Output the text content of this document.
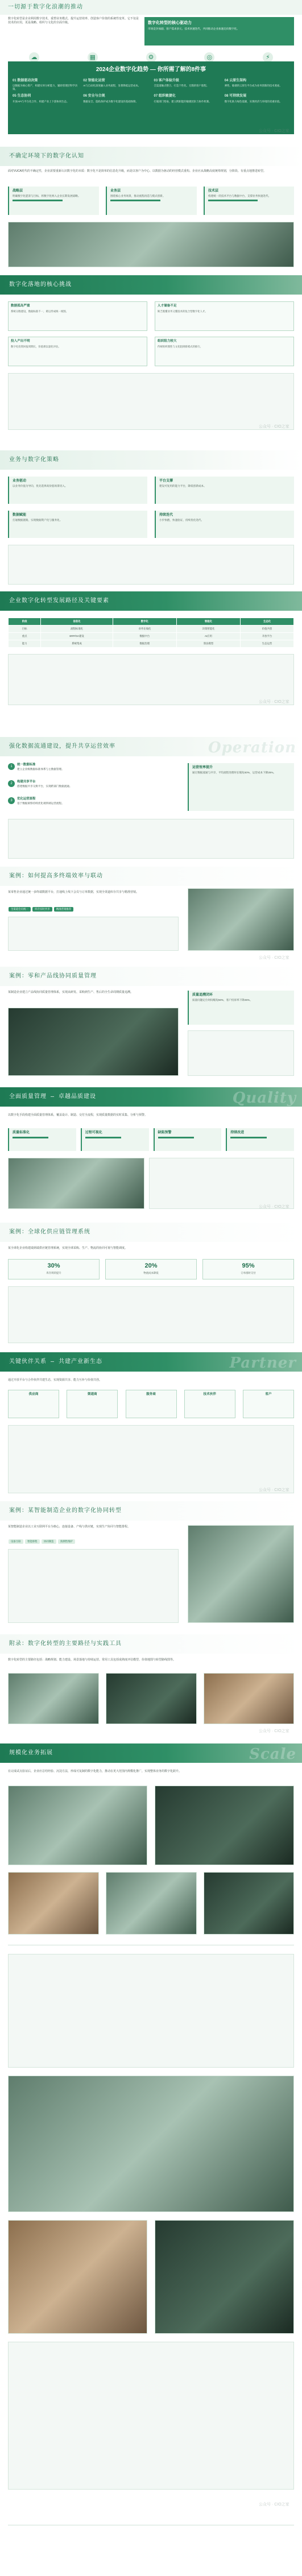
一切源于数字化浪潮的推动
数字化转型是企业利用数字技术，重塑业务模式、提升运营效率、创造客户价值的系统性变革。它不仅是技术的应用，更是战略、组织与文化的全面升级。	数字化转型的核心驱动力
市场竞争加剧、客户需求多元、技术快速迭代，共同推动企业加速迈向数字化。
☁	▦	⚙	◎	⚡
2024企业数字化趋势 — 你所需了解的8件事
01 数据驱动决策
以数据为核心资产，构建实时分析能力，辅助管理层科学决策。
02 智能化运营
AI与自动化深度融入业务流程，显著降低运营成本。
03 客户体验升级
全渠道触点整合，打造个性化、无缝的客户旅程。
04 云原生架构
弹性、敏捷的云原生平台成为业务创新的技术底座。
05 生态协同
开放API与平台化合作，构建产业上下游协同生态。
06 安全与合规
数据安全、隐私保护成为数字化建设的基础保障。
07 组织敏捷化
打破部门壁垒，建立跨职能的敏捷团队与协作机制。
08 可持续发展
数字化助力绿色低碳，实现经济与环境的双重价值。
公众号 · CIO之家
不确定环境下的数字化认知
面对VUCA时代的不确定性，企业需要重新认识数字化的本质：数字化不是简单的信息化升级，而是以客户为中心、以数据为驱动的经营模式重构。企业应从战略高度统筹规划，分阶段、有重点地推进转型。
战略层
明确数字化愿景与目标，将数字化纳入企业长期发展战略。
业务层
围绕核心业务场景，推动流程再造与模式创新。
技术层
构建统一的技术平台与数据中台，支撑业务快速迭代。
数字化落地的核心挑战
数据孤岛严重
系统分散建设，数据标准不一，难以形成统一视图。
人才储备不足
缺乏既懂业务又懂技术的复合型数字化人才。
投入产出不明
数字化投资回报周期长，价值难以量化评估。
组织阻力较大
传统组织惯性与文化阻碍新模式的推行。
公众号 · CIO之家
业务与数字化策略
业务驱动
以业务价值为导向，优先选择高价值场景切入。
平台支撑
建设可复用的能力平台，降低创新成本。
数据赋能
打通数据链路，实现数据资产化与服务化。
持续迭代
小步快跑，快速验证，持续优化迭代。
企业数字化转型发展路径及关键要素
阶段	信息化	数字化	智能化	生态化
目标	流程标准化	业务在线化	决策智能化	价值共创
重点	ERP/OA建设	数据中台	AI应用	开放平台
能力	系统集成	数据治理	算法模型	生态运营
公众号 · CIO之家
强化数据流通建设，提升共享运营效率	Operation
1	统一数据标准
建立企业级数据标准体系与主数据管理。
2	构建共享平台
搭建数据共享交换平台，实现跨部门数据流通。
3	优化运营流程
基于数据洞察持续优化端到端运营流程。
运营效率提升
通过数据流通与共享，平均流程处理时长缩短40%，运营成本下降25%。
案例：如何提高多终端效率与联动
某零售企业通过统一多终端数据平台，打通线上线下会员与订单数据，实现全渠道库存共享与精准营销。
全渠道会员统一	库存实时共享	精准营销推荐
公众号 · CIO之家
案例：零和产品线协同质量管理
某制造企业建立产品线协同质量管理体系，实现从研发、采购到生产、售后的全生命周期质量追溯。
质量追溯闭环
质量问题定位时间缩短60%，客户投诉率下降35%。
全面质量管理 — 卓越品质建设	Quality
以数字化手段构建全面质量管理体系，覆盖设计、制造、交付全流程，实现质量数据的实时采集、分析与预警。
质量标准化	过程可视化	缺陷预警	持续改进
公众号 · CIO之家
案例：全球化供应链管理系统
某全球化企业构建端到端供应链管理系统，实现全球采购、生产、物流的协同可视与智能调度。
30%
库存周转提升
20%
物流成本降低
95%
订单准时交付
关键伙伴关系 — 共建产业新生态	Partner
通过开放平台与合作伙伴共建生态，实现资源共享、能力互补与价值共创。
供应商	渠道商	服务商	技术伙伴	客户
公众号 · CIO之家
案例：某智能制造企业的数字化协同转型
某智能制造企业以工业互联网平台为核心，连接设备、产线与供应链，实现生产协同与智能排程。
设备互联	智能排程	协同制造	预测性维护
附录：数字化转型的主要路径与实践工具
数字化转型的主要路径包括：战略规划、能力建设、场景落地与持续运营。常用工具包括成熟度评估模型、价值地图与转型路线图等。
公众号 · CIO之家
规模化业务拓展	Scale
在完成试点验证后，企业应总结经验、沉淀方法，形成可复制的数字化能力，推动在更大范围内规模化推广，实现整体业务的数字化跃升。
公众号 · CIO之家
